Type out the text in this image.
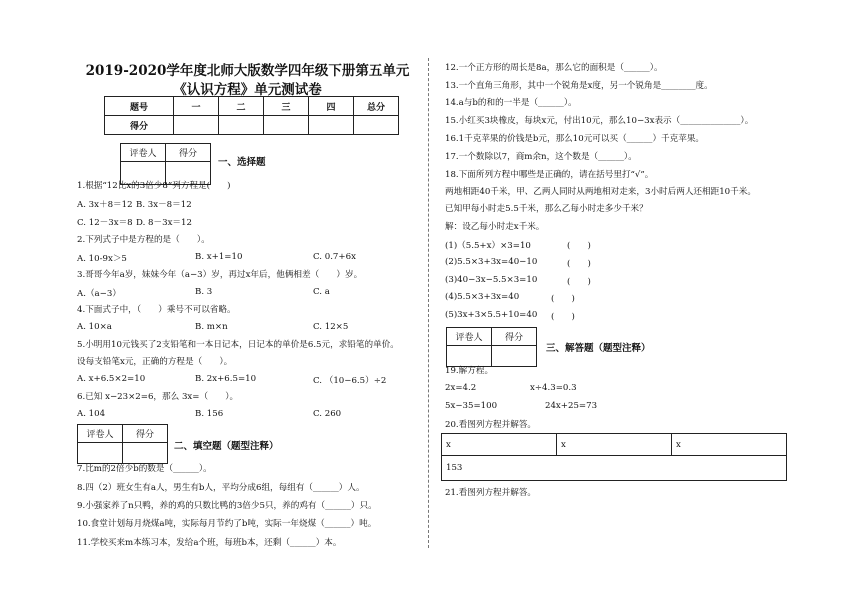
2019-2020学年度北师大版数学四年级下册第五单元《认识方程》单元测试卷
题号	一	二	三	四	总分
得分					
评卷人	得分

一、选择题
1.根据“12比x的3倍少8”列方程是(　　)
A. 3x＋8＝12 B. 3x－8＝12
C. 12－3x＝8 D. 8－3x＝12
2.下列式子中是方程的是（　　）。
A. 10-9x＞5	B. x+1=10	C. 0.7+6x
3.哥哥今年a岁，妹妹今年（a−3）岁，再过x年后，他俩相差（　　）岁。
A.（a−3）	B. 3	C. a
4.下面式子中，（　　）乘号不可以省略。
A. 10×a	B. m×n	C. 12×5
5.小明用10元钱买了2支铅笔和一本日记本，日记本的单价是6.5元，求铅笔的单价。
设每支铅笔x元，正确的方程是（　　）。
A. x+6.5×2=10	B. 2x+6.5=10	C. （10−6.5）÷2
6.已知 x−23×2=6，那么 3x=（　　）。
A. 104	B. 156	C. 260
评卷人	得分

二、填空题（题型注释）
7.比m的2倍少b的数是（______）。
8.四（2）班女生有a人，男生有b人，平均分成6组，每组有（______）人。
9.小强家养了n只鸭，养的鸡的只数比鸭的3倍少5只，养的鸡有（______）只。
10.食堂计划每月烧煤a吨，实际每月节约了b吨，实际一年烧煤（______）吨。
11.学校买来m本练习本，发给a个班，每班b本，还剩（______）本。
12.一个正方形的周长是8a，那么它的面积是（______）。
13.一个直角三角形，其中一个锐角是x度，另一个锐角是________度。
14.a与b的和的一半是（______）。
15.小红买3块橡皮，每块x元，付出10元，那么10−3x表示（______________）。
16.1千克苹果的价钱是b元，那么10元可以买（______）千克苹果。
17.一个数除以7，商m余n，这个数是（______）。
18.下面所列方程中哪些是正确的，请在括号里打“√”。
两地相距40千米，甲、乙两人同时从两地相对走来，3小时后两人还相距10千米。
已知甲每小时走5.5千米，那么乙每小时走多少千米？
解：设乙每小时走x千米。
(1)（5.5+x）×3=10	(　　)
(2)5.5×3+3x=40−10	(　　)
(3)40−3x−5.5×3=10	(　　)
(4)5.5×3+3x=40	(　　)
(5)3x+3×5.5+10=40 (　　)
评卷人	得分

三、解答题（题型注释）
19.解方程。
2x=4.2	x÷4.3=0.3
5x−35=100	24x+25=73
20.看图列方程并解答。
x	x	x
153
21.看图列方程并解答。
